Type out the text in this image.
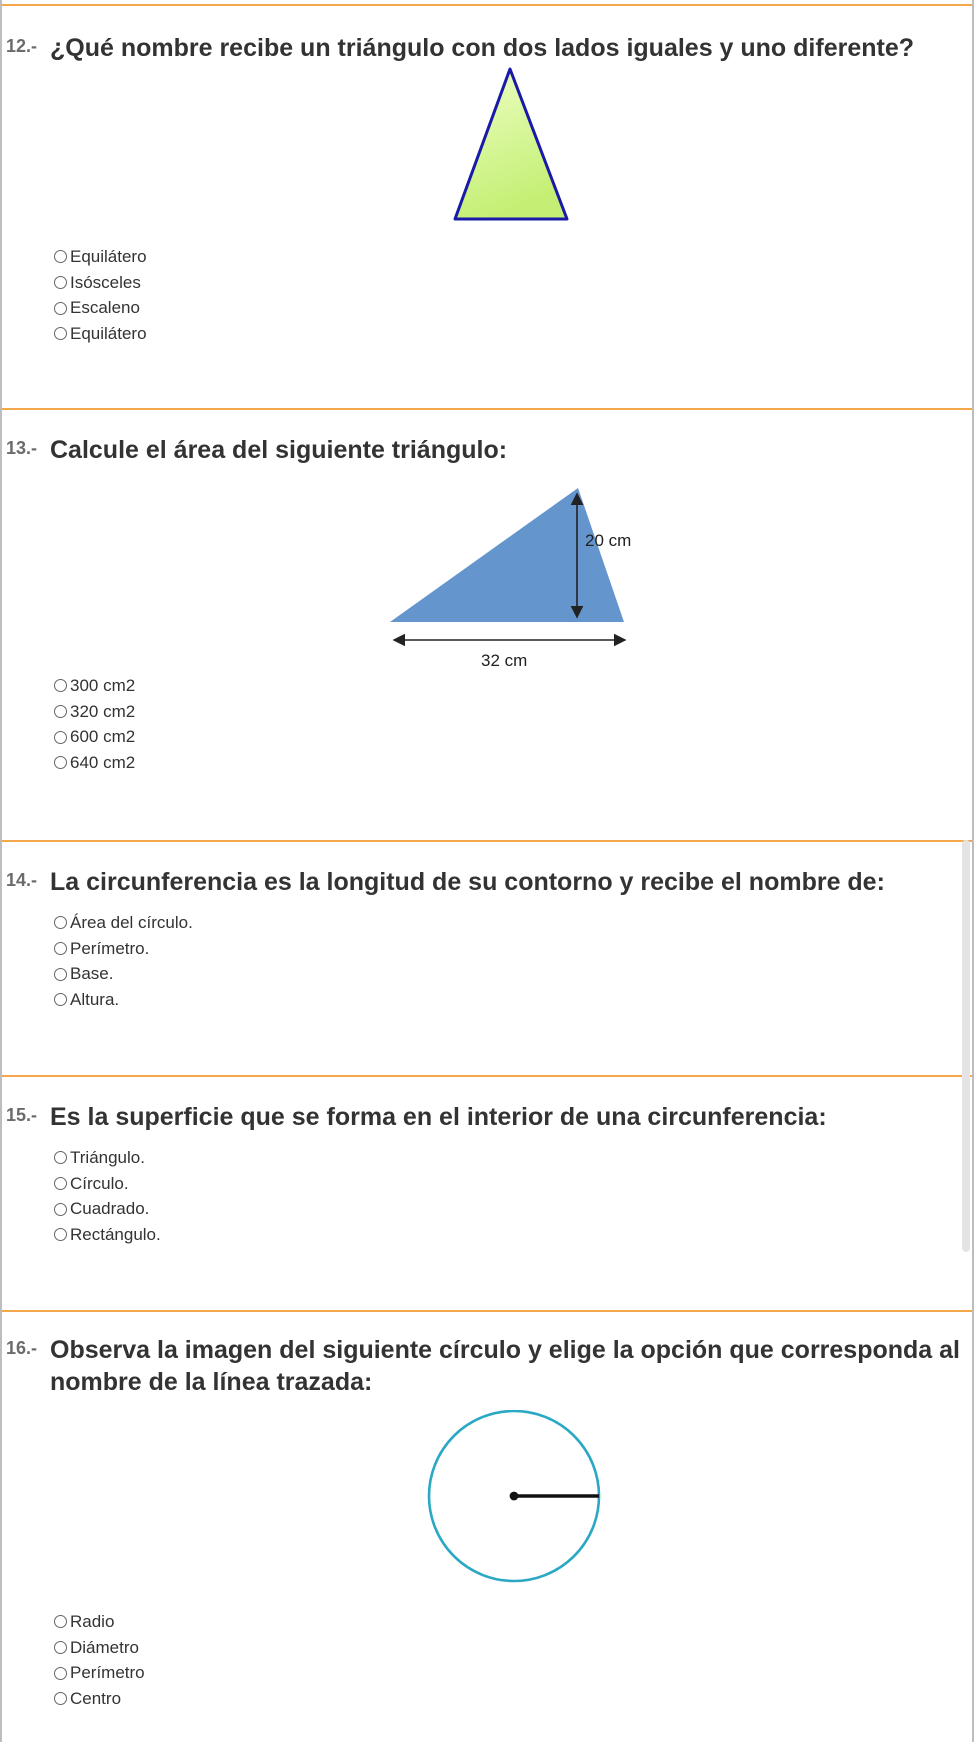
12.- ¿Qué nombre recibe un triángulo con dos lados iguales y uno diferente?
Equilátero
Isósceles
Escaleno
Equilátero
13.- Calcule el área del siguiente triángulo:
20 cm
32 cm
300 cm2
320 cm2
600 cm2
640 cm2
14.- La circunferencia es la longitud de su contorno y recibe el nombre de:
Área del círculo.
Perímetro.
Base.
Altura.
15.- Es la superficie que se forma en el interior de una circunferencia:
Triángulo.
Círculo.
Cuadrado.
Rectángulo.
16.- Observa la imagen del siguiente círculo y elige la opción que corresponda al nombre de la línea trazada:
Radio
Diámetro
Perímetro
Centro
